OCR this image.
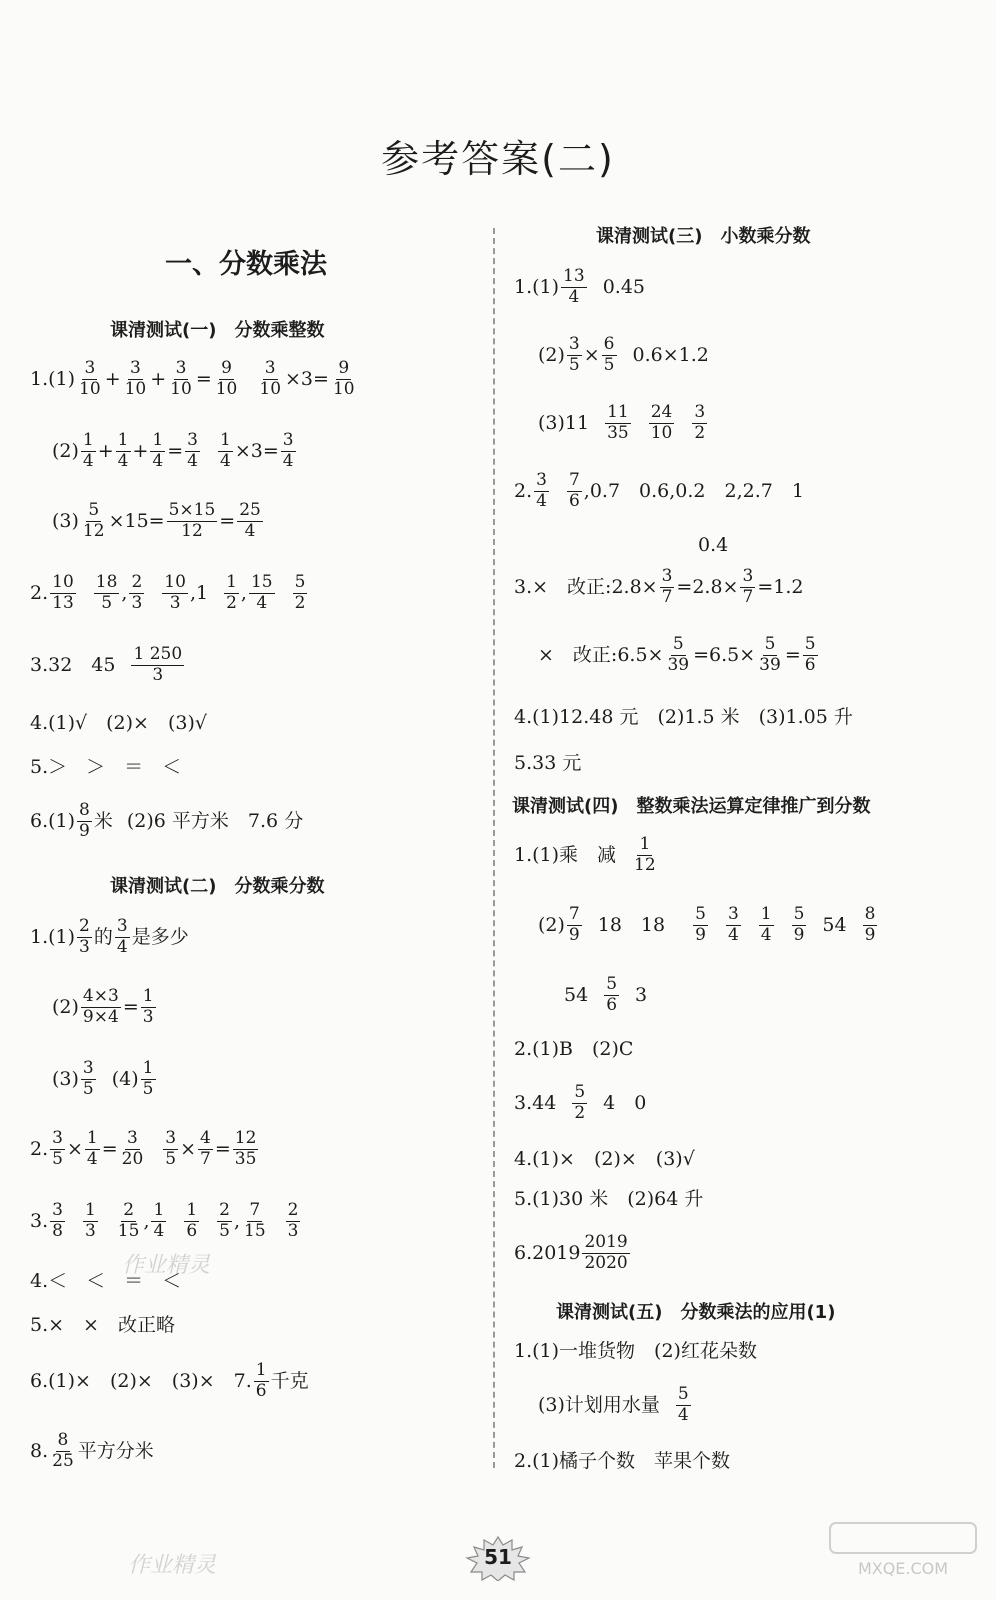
参考答案(二)
一、分数乘法
课清测试(一)　分数乘整数
$1.(1) \frac{3}{10} + \frac{3}{10} + \frac{3}{10} = \frac{9}{10} \frac{3}{10} \times 3= \frac{9}{10}$
$(2) \frac{1}{4} + \frac{1}{4} + \frac{1}{4} = \frac{3}{4} \frac{1}{4} \times 3= \frac{3}{4}$
$(3) \frac{5}{12} \times 15= \frac{5\times 15}{12} = \frac{25}{4}$
2. $\frac{10}{13} \frac{18}{5}$ , $\frac{2}{3} \frac{10}{3} ,1 \frac{1}{2}$ , $\frac{15}{4} \frac{5}{2}$
3.32　$45 \frac{1 250}{3}$
4.(1)√　(2)×　(3)√
5.＞　＞　＝　＜
$6.(1) \frac{8}{9}$ 米 (2)6 平方米　7.6 分
课清测试(二)　分数乘分数
$1.(1) \frac{2}{3}$ 的 $\frac{3}{4}$ 是多少
$(2) \frac{4\times 3}{9\times 4} = \frac{1}{3}$
$(3) \frac{3}{5} (4) \frac{1}{5}$
2. $\frac{3}{5} \times \frac{1}{4} = \frac{3}{20} \frac{3}{5} \times \frac{4}{7} = \frac{12}{35}$
3. $\frac{3}{8} \frac{1}{3} \frac{2}{15}$ , $\frac{1}{4} \frac{1}{6} \frac{2}{5}$ , $\frac{7}{15} \frac{2}{3}$
4.＜　＜　＝　＜
5.×　×　改正略
6.(1)×　(2)×　(3)×　7. $\frac{1}{6}$ 千克
8. $\frac{8}{25}$ 平方分米
课清测试(三)　小数乘分数
$1.(1) \frac{13}{4} 0.45$
$(2) \frac{3}{5} \times \frac{6}{5} 0.6\times 1.2$
$(3)11 \frac{11}{35} \frac{24}{10} \frac{3}{2}$
2. $\frac{3}{4} \frac{7}{6} ,0.7$　0.6,0.2　2,2.7　1
0.4
3.×　改正:2.8× $\frac{3}{7} =2.8\times \frac{3}{7} =1.2$
×　改正:6.5× $\frac{5}{39} =6.5\times \frac{5}{39} = \frac{5}{6}$
4.(1)12.48 元　(2)1.5 米　(3)1.05 升
5.33 元
课清测试(四)　整数乘法运算定律推广到分数
1.(1)乘　减 $\frac{1}{12}$
$(2) \frac{7}{9} 18$　$18 \frac{5}{9} \frac{3}{4} \frac{1}{4} \frac{5}{9} 54 \frac{8}{9}$
$54 \frac{5}{6} 3$
2.(1)B　(2)C
$3.44 \frac{5}{2} 4$　0
4.(1)×　(2)×　(3)√
5.(1)30 米　(2)64 升
$6.2019 \frac{2019}{2020}$
课清测试(五)　分数乘法的应用(1)
1.(1)一堆货物　(2)红花朵数
(3)计划用水量 $\frac{5}{4}$
2.(1)橘子个数　苹果个数
51
作业精灵
作业精灵	MXQE.COM
